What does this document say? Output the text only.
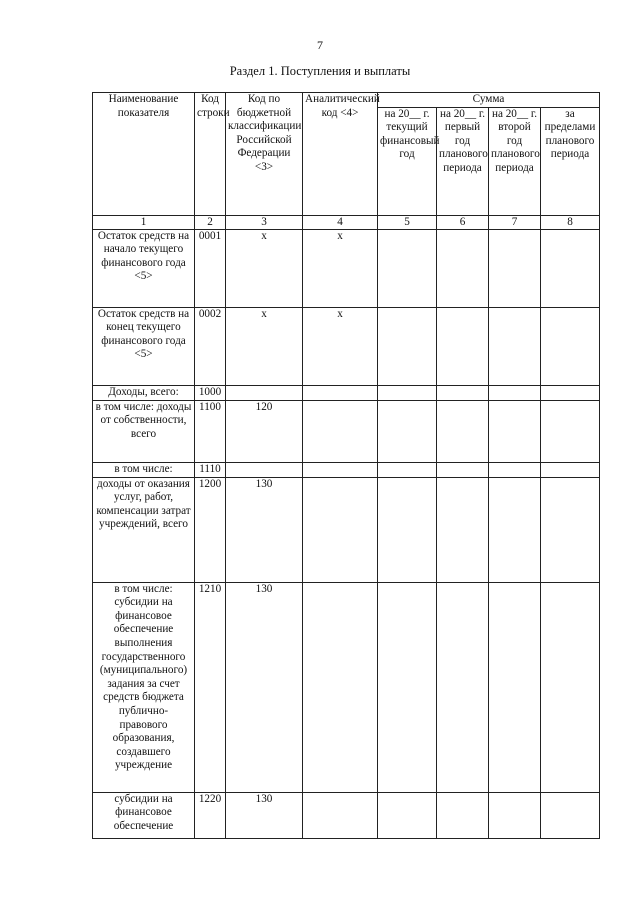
7
Раздел 1. Поступления и выплаты
Наименование показателя	Код строки	Код по бюджетной классификации Российской Федерации <3>	Аналитический код <4>	Сумма			
				на 20__ г. текущий финансовый год	на 20__ г. первый год планового периода	на 20__ г. второй год планового периода	за пределами планового периода
1	2	3	4	5	6	7	8
Остаток средств на начало текущего финансового года <5>	0001	x	x				
Остаток средств на конец текущего финансового года <5>	0002	x	x				
Доходы, всего:	1000						
в том числе: доходы от собственности, всего	1100	120					
в том числе:	1110						
доходы от оказания услуг, работ, компенсации затрат учреждений, всего	1200	130					
в том числе: субсидии на финансовое обеспечение выполнения государственного (муниципального) задания за счет средств бюджета публично-правового образования, создавшего учреждение	1210	130					
субсидии на финансовое обеспечение	1220	130					
